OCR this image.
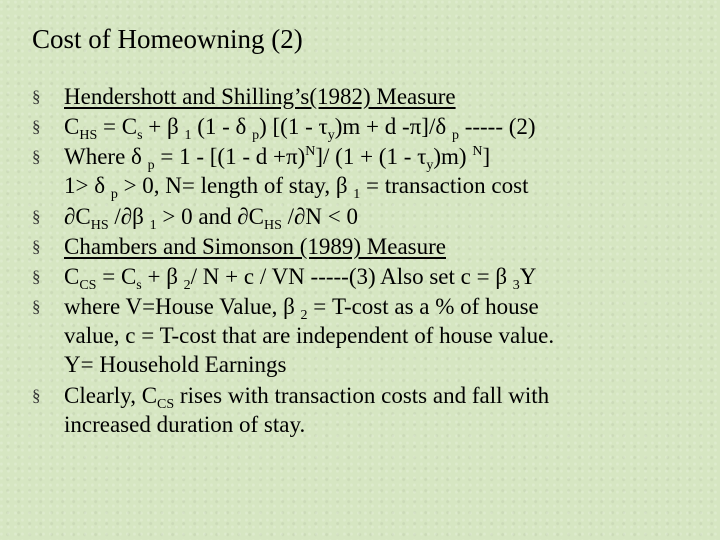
Cost of Homeowning (2)
§ Hendershott and Shilling’s(1982) Measure
§ $C_{HS} = C_s + \beta$ $_1$ (1 - δ $_p$) [$(1 - \tau_y)m + d$ -π]/δ $_p$ ----- (2)
§ Where δ $_p = 1 - [(1 - d +\pi)^N]/$ $(1 + (1 - \tau_y)m)$ $^N$]
1> δ $_p$ > 0, N= length of stay, β $_1$ = transaction cost
§ $\partial C_{HS}$ /∂β $_1$ > 0 and $\partial C_{HS}$ /∂N < 0
§ Chambers and Simonson (1989) Measure
§ $C_{CS} = C_s + \beta$ $_2$/ N + c / VN -----(3) Also set c = β $_3$Y
§ where V=House Value, β $_2$ = T-cost as a % of house
value, c = T-cost that are independent of house value.
Y= Household Earnings
§ Clearly, $C_{CS}$ rises with transaction costs and fall with
increased duration of stay.
